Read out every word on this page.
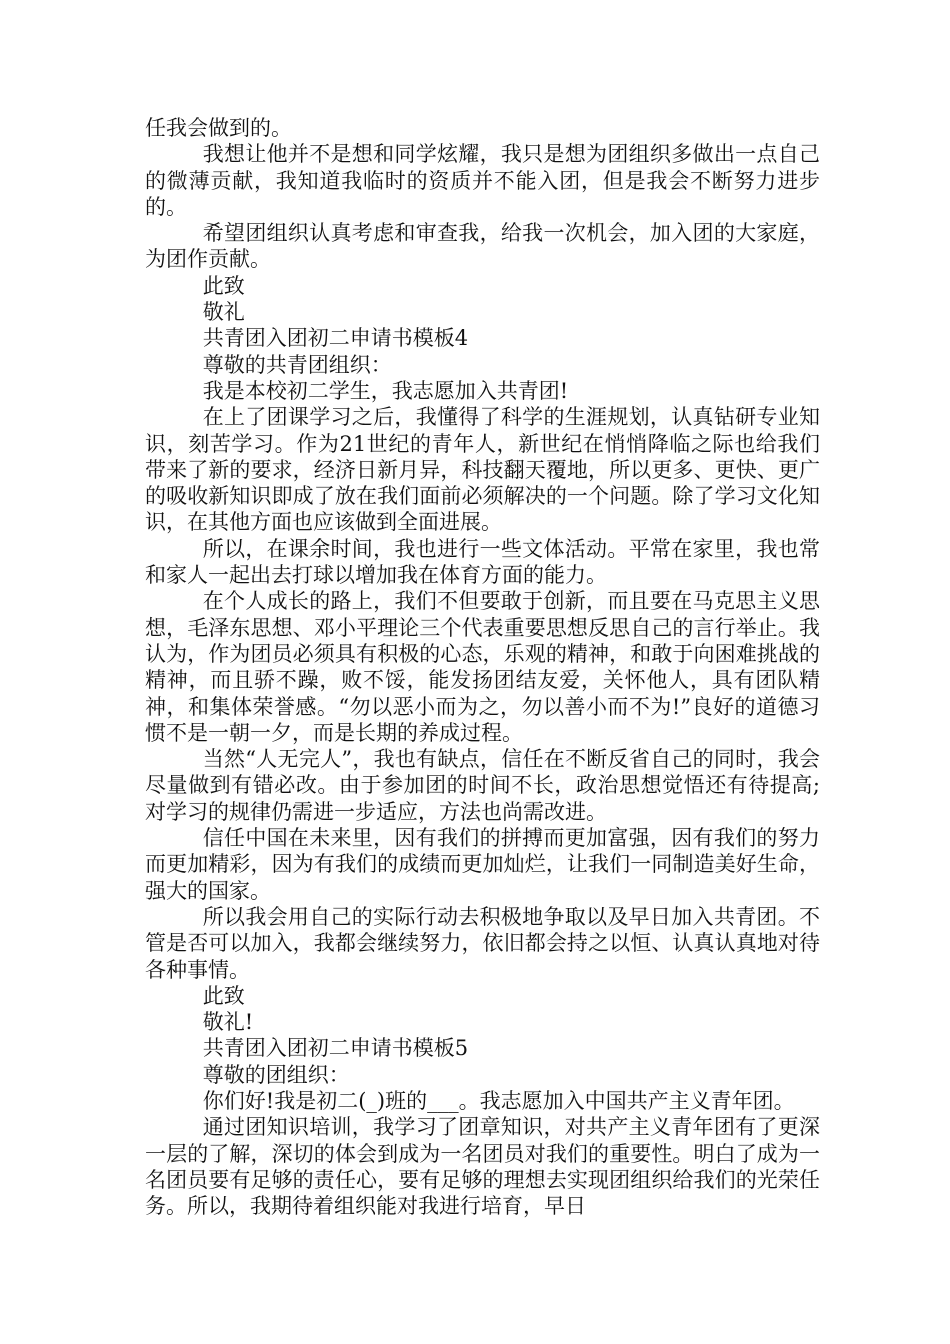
任我会做到的。

我想让他并不是想和同学炫耀，我只是想为团组织多做出一点自己的微薄贡献，我知道我临时的资质并不能入团，但是我会不断努力进步的。

希望团组织认真考虑和审查我，给我一次机会，加入团的大家庭，为团作贡献。

此致

敬礼

共青团入团初二申请书模板4

尊敬的共青团组织：

我是本校初二学生，我志愿加入共青团!

在上了团课学习之后，我懂得了科学的生涯规划，认真钻研专业知识，刻苦学习。作为21世纪的青年人，新世纪在悄悄降临之际也给我们带来了新的要求，经济日新月异，科技翻天覆地，所以更多、更快、更广的吸收新知识即成了放在我们面前必须解决的一个问题。除了学习文化知识，在其他方面也应该做到全面进展。

所以，在课余时间，我也进行一些文体活动。平常在家里，我也常和家人一起出去打球以增加我在体育方面的能力。

在个人成长的路上，我们不但要敢于创新，而且要在马克思主义思想，毛泽东思想、邓小平理论三个代表重要思想反思自己的言行举止。我认为，作为团员必须具有积极的心态，乐观的精神，和敢于向困难挑战的精神，而且骄不躁，败不馁，能发扬团结友爱，关怀他人，具有团队精神，和集体荣誉感。“勿以恶小而为之，勿以善小而不为!”良好的道德习惯不是一朝一夕，而是长期的养成过程。

当然“人无完人”，我也有缺点，信任在不断反省自己的同时，我会尽量做到有错必改。由于参加团的时间不长，政治思想觉悟还有待提高;对学习的规律仍需进一步适应，方法也尚需改进。

信任中国在未来里，因有我们的拼搏而更加富强，因有我们的努力而更加精彩，因为有我们的成绩而更加灿烂，让我们一同制造美好生命，强大的国家。

所以我会用自己的实际行动去积极地争取以及早日加入共青团。不管是否可以加入，我都会继续努力，依旧都会持之以恒、认真认真地对待各种事情。

此致

敬礼!

共青团入团初二申请书模板5

尊敬的团组织：

你们好!我是初二(_)班的___。我志愿加入中国共产主义青年团。

通过团知识培训，我学习了团章知识，对共产主义青年团有了更深一层的了解，深切的体会到成为一名团员对我们的重要性。明白了成为一名团员要有足够的责任心，要有足够的理想去实现团组织给我们的光荣任务。所以，我期待着组织能对我进行培育，早日
